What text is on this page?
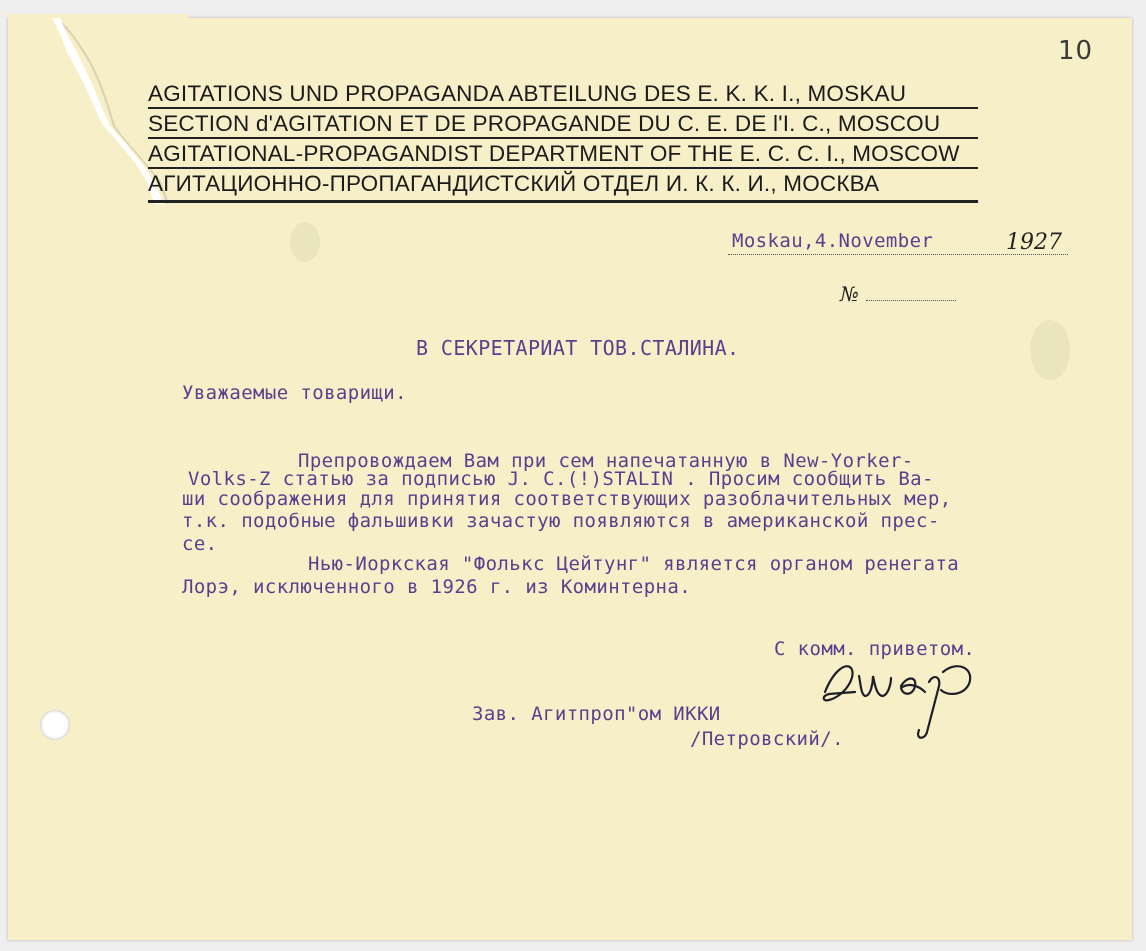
10
AGITATIONS UND PROPAGANDA ABTEILUNG DES E. K. K. I., MOSKAU
SECTION d'AGITATION ET DE PROPAGANDE DU C. E. DE l'I. C., MOSCOU
AGITATIONAL-PROPAGANDIST DEPARTMENT OF THE E. C. C. I., MOSCOW
АГИТАЦИОННО-ПРОПАГАНДИСТСКИЙ ОТДЕЛ И. К. К. И., МОСКВА
Moskau,4.November	1927
№
В СЕКРЕТАРИАТ ТОВ.СТАЛИНА.
Уважаемые товарищи.
Препровождаем Вам при сем напечатанную в New-Yorker-
Volks-Z статью за подписью J. C.(!)STALIN . Просим сообщить Ва-
ши соображения для принятия соответствующих разоблачительных мер,
т.к. подобные фальшивки зачастую появляются в американской прес-
се.
Нью-Иоркская "Фолькс Цейтунг" является органом ренегата
Лорэ, исключенного в 1926 г. из Коминтерна.
С комм. приветом.
Зав. Агитпроп"ом ИККИ
/Петровский/.
